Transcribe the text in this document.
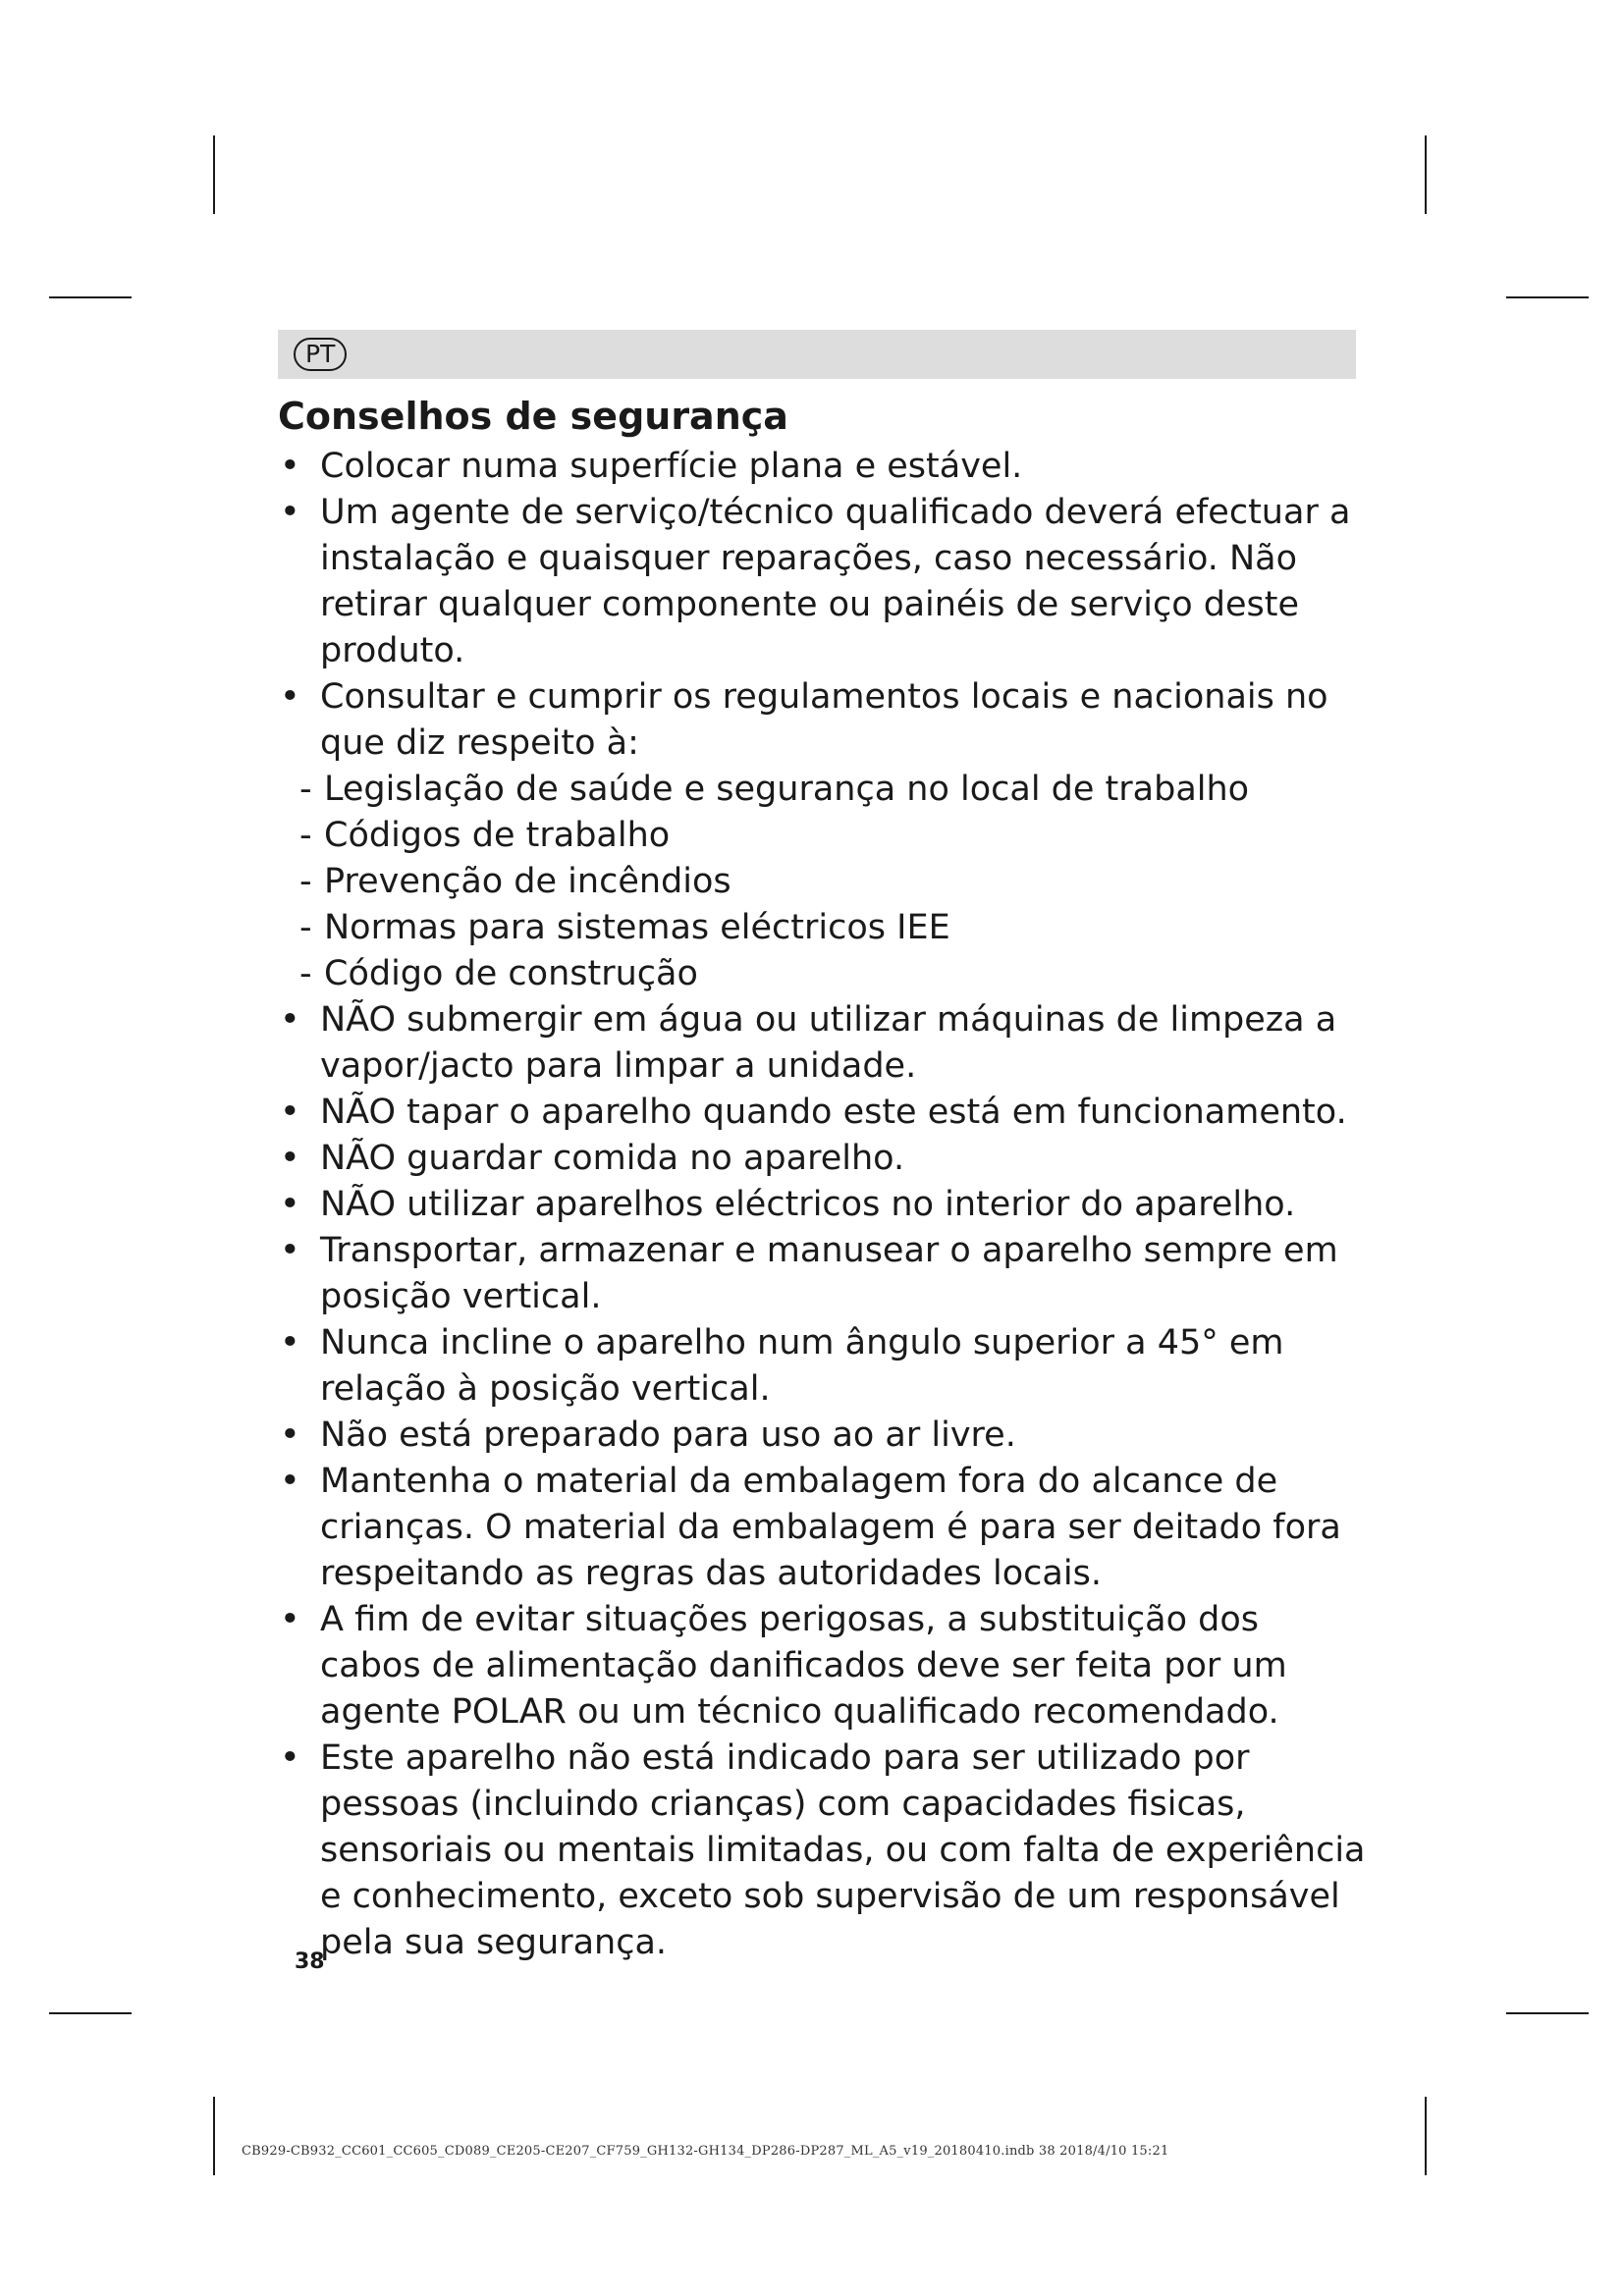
PT
Conselhos de segurança
• Colocar numa superfície plana e estável.
• Um agente de serviço/técnico qualificado deverá efectuar a instalação e quaisquer reparações, caso necessário. Não retirar qualquer componente ou painéis de serviço deste produto.
• Consultar e cumprir os regulamentos locais e nacionais no que diz respeito à:
- Legislação de saúde e segurança no local de trabalho
- Códigos de trabalho
- Prevenção de incêndios
- Normas para sistemas eléctricos IEE
- Código de construção
• NÃO submergir em água ou utilizar máquinas de limpeza a vapor/jacto para limpar a unidade.
• NÃO tapar o aparelho quando este está em funcionamento.
• NÃO guardar comida no aparelho.
• NÃO utilizar aparelhos eléctricos no interior do aparelho.
• Transportar, armazenar e manusear o aparelho sempre em posição vertical.
• Nunca incline o aparelho num ângulo superior a 45° em relação à posição vertical.
• Não está preparado para uso ao ar livre.
• Mantenha o material da embalagem fora do alcance de crianças. O material da embalagem é para ser deitado fora respeitando as regras das autoridades locais.
• A fim de evitar situações perigosas, a substituição dos cabos de alimentação danificados deve ser feita por um agente POLAR ou um técnico qualificado recomendado.
• Este aparelho não está indicado para ser utilizado por pessoas (incluindo crianças) com capacidades fisicas, sensoriais ou mentais limitadas, ou com falta de experiência e conhecimento, exceto sob supervisão de um responsável pela sua segurança.
38
CB929-CB932_CC601_CC605_CD089_CE205-CE207_CF759_GH132-GH134_DP286-DP287_ML_A5_v19_20180410.indb 38 2018/4/10 15:21
